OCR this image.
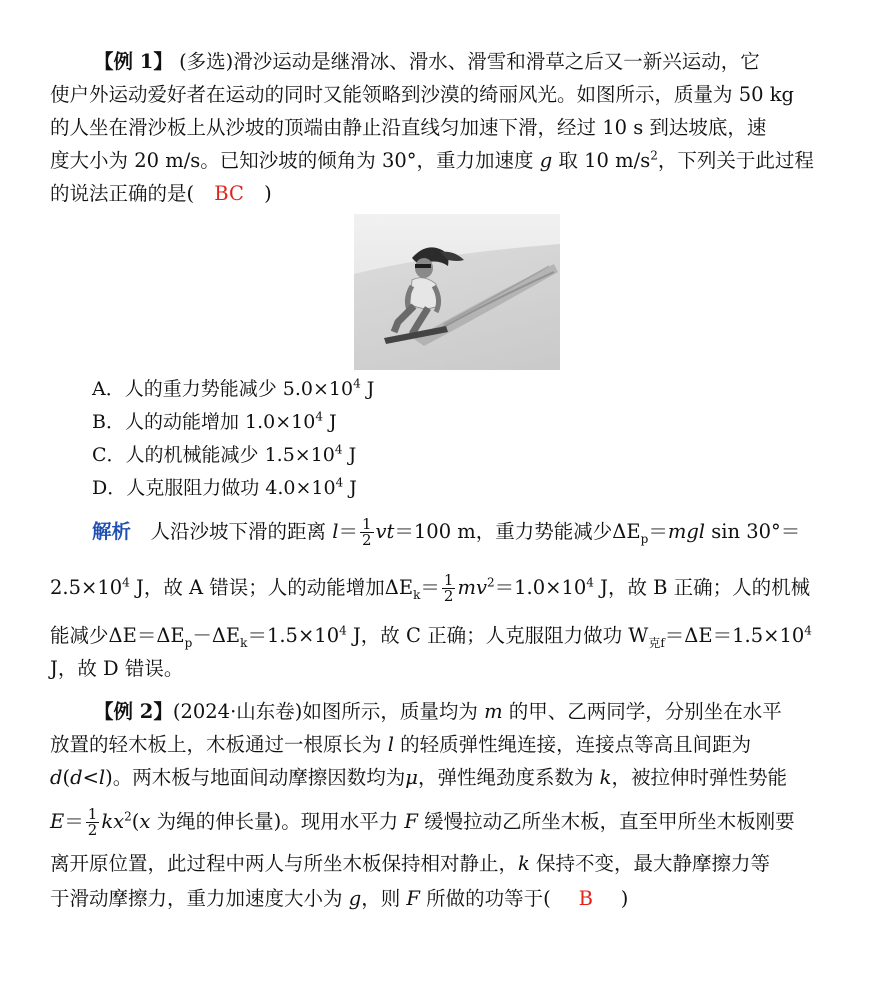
【例 1】 (多选)滑沙运动是继滑冰、滑水、滑雪和滑草之后又一新兴运动，它
使户外运动爱好者在运动的同时又能领略到沙漠的绮丽风光。如图所示，质量为 50 kg
的人坐在滑沙板上从沙坡的顶端由静止沿直线匀加速下滑，经过 10 s 到达坡底，速
度大小为 20 m/s。已知沙坡的倾角为 30°，重力加速度 g 取 10 $m/s^2$，下列关于此过程
的说法正确的是( BC )
A．人的重力势能减少 $5.0\times 10^4$ J
B．人的动能增加 $1.0\times 10^4$ J
C．人的机械能减少 $1.5\times 10^4$ J
D．人克服阻力做功 $4.0\times 10^4$ J
解析　人沿沙坡下滑的距离 $l= \frac{1}{2} vt=100$ m，重力势能减少$\Delta E_p=mgl$ sin 30°＝
$2.5\times 10^4$ J，故 A 错误；人的动能增加$\Delta E_k= \frac{1}{2} mv^2=1.0\times 10^4$ J，故 B 正确；人的机械
能减少$\Delta E=\Delta E_p-\Delta E_k=1.5\times 10^4$ J，故 C 正确；人克服阻力做功 $W_{克f}=\Delta E=1.5\times 10^4$
J，故 D 错误。
【例 2】(2024·山东卷)如图所示，质量均为 m 的甲、乙两同学，分别坐在水平
放置的轻木板上，木板通过一根原长为 l 的轻质弹性绳连接，连接点等高且间距为
d(d<l)。两木板与地面间动摩擦因数均为μ，弹性绳劲度系数为 k，被拉伸时弹性势能
$E= \frac{1}{2} kx^2(x$ 为绳的伸长量)。现用水平力 F 缓慢拉动乙所坐木板，直至甲所坐木板刚要
离开原位置，此过程中两人与所坐木板保持相对静止，k 保持不变，最大静摩擦力等
于滑动摩擦力，重力加速度大小为 g，则 F 所做的功等于( B )
